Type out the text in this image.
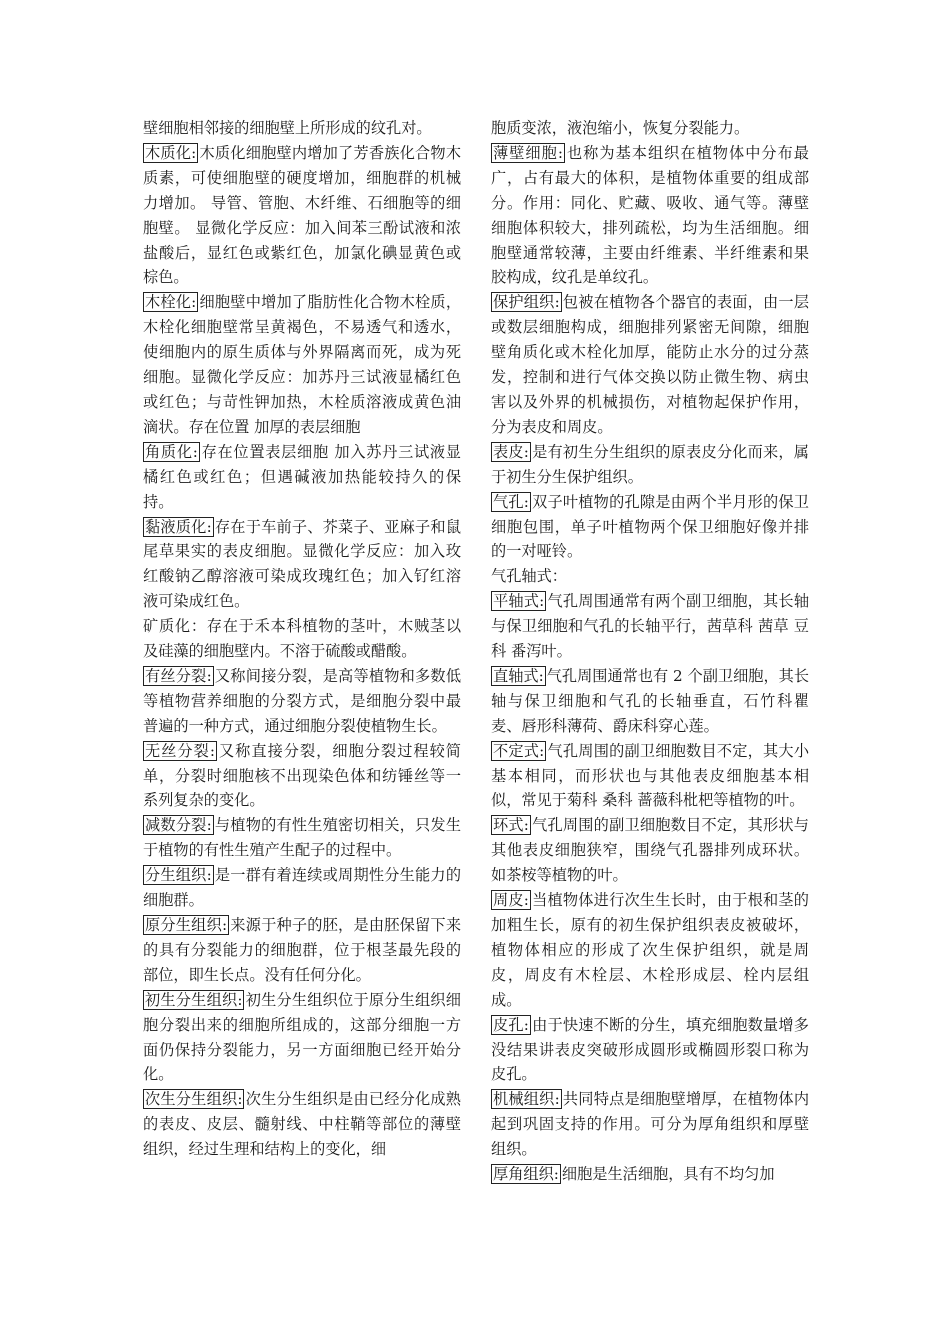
壁细胞相邻接的细胞壁上所形成的纹孔对。

木质化: 木质化细胞壁内增加了芳香族化合物木质素，可使细胞壁的硬度增加，细胞群的机械力增加。 导管、管胞、木纤维、石细胞等的细胞壁。 显微化学反应：加入间苯三酚试液和浓盐酸后，显红色或紫红色，加氯化碘显黄色或棕色。

木栓化: 细胞壁中增加了脂肪性化合物木栓质，木栓化细胞壁常呈黄褐色，不易透气和透水，使细胞内的原生质体与外界隔离而死，成为死细胞。显微化学反应：加苏丹三试液显橘红色或红色；与苛性钾加热，木栓质溶液成黄色油滴状。存在位置 加厚的表层细胞

角质化: 存在位置表层细胞 加入苏丹三试液显橘红色或红色；但遇碱液加热能较持久的保持。

黏液质化: 存在于车前子、芥菜子、亚麻子和鼠尾草果实的表皮细胞。显微化学反应：加入玫红酸钠乙醇溶液可染成玫瑰红色；加入钌红溶液可染成红色。

矿质化：存在于禾本科植物的茎叶，木贼茎以及硅藻的细胞壁内。不溶于硫酸或醋酸。

有丝分裂: 又称间接分裂，是高等植物和多数低等植物营养细胞的分裂方式，是细胞分裂中最普遍的一种方式，通过细胞分裂使植物生长。

无丝分裂: 又称直接分裂，细胞分裂过程较简单，分裂时细胞核不出现染色体和纺锤丝等一系列复杂的变化。

减数分裂: 与植物的有性生殖密切相关，只发生于植物的有性生殖产生配子的过程中。

分生组织: 是一群有着连续或周期性分生能力的细胞群。

原分生组织: 来源于种子的胚，是由胚保留下来的具有分裂能力的细胞群，位于根茎最先段的部位，即生长点。没有任何分化。

初生分生组织: 初生分生组织位于原分生组织细胞分裂出来的细胞所组成的，这部分细胞一方面仍保持分裂能力，另一方面细胞已经开始分化。

次生分生组织: 次生分生组织是由已经分化成熟的表皮、皮层、髓射线、中柱鞘等部位的薄壁组织，经过生理和结构上的变化，细

胞质变浓，液泡缩小，恢复分裂能力。

薄壁细胞: 也称为基本组织在植物体中分布最广，占有最大的体积，是植物体重要的组成部分。作用：同化、贮藏、吸收、通气等。薄壁细胞体积较大，排列疏松，均为生活细胞。细胞壁通常较薄，主要由纤维素、半纤维素和果胶构成，纹孔是单纹孔。

保护组织: 包被在植物各个器官的表面，由一层或数层细胞构成，细胞排列紧密无间隙，细胞壁角质化或木栓化加厚，能防止水分的过分蒸发，控制和进行气体交换以防止微生物、病虫害以及外界的机械损伤，对植物起保护作用，分为表皮和周皮。

表皮: 是有初生分生组织的原表皮分化而来，属于初生分生保护组织。

气孔: 双子叶植物的孔隙是由两个半月形的保卫细胞包围，单子叶植物两个保卫细胞好像并排的一对哑铃。

气孔轴式：

平轴式: 气孔周围通常有两个副卫细胞，其长轴与保卫细胞和气孔的长轴平行，茜草科 茜草 豆科 番泻叶。

直轴式: 气孔周围通常也有 2 个副卫细胞，其长轴与保卫细胞和气孔的长轴垂直，石竹科瞿麦、唇形科薄荷、爵床科穿心莲。

不定式: 气孔周围的副卫细胞数目不定，其大小基本相同，而形状也与其他表皮细胞基本相似，常见于菊科 桑科 蔷薇科枇杷等植物的叶。

环式: 气孔周围的副卫细胞数目不定，其形状与其他表皮细胞狭窄，围绕气孔器排列成环状。如茶桉等植物的叶。

周皮: 当植物体进行次生生长时，由于根和茎的加粗生长，原有的初生保护组织表皮被破坏，植物体相应的形成了次生保护组织，就是周皮，周皮有木栓层、木栓形成层、栓内层组成。

皮孔: 由于快速不断的分生，填充细胞数量增多没结果讲表皮突破形成圆形或椭圆形裂口称为皮孔。

机械组织: 共同特点是细胞壁增厚，在植物体内起到巩固支持的作用。可分为厚角组织和厚壁组织。

厚角组织: 细胞是生活细胞，具有不均匀加
